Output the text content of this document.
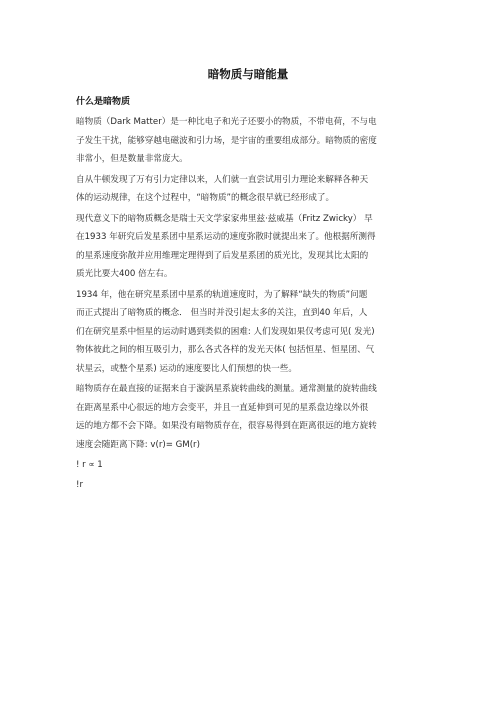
暗物质与暗能量
什么是暗物质
暗物质（Dark Matter）是一种比电子和光子还要小的物质，不带电荷，不与电
子发生干扰，能够穿越电磁波和引力场，是宇宙的重要组成部分。暗物质的密度
非常小，但是数量非常庞大。
自从牛顿发现了万有引力定律以来，人们就一直尝试用引力理论来解释各种天
体的运动规律，在这个过程中，“暗物质”的概念很早就已经形成了。
现代意义下的暗物质概念是瑞士天文学家家弗里兹·兹威基（Fritz Zwicky） 早
在1933 年研究后发星系团中星系运动的速度弥散时就提出来了。他根据所测得
的星系速度弥散并应用维理定理得到了后发星系团的质光比，发现其比太阳的
质光比要大400 倍左右。
1934 年，他在研究星系团中星系的轨道速度时，为了解释“缺失的物质”问题
而正式提出了暗物质的概念． 但当时并没引起太多的关注，直到40 年后，人
们在研究星系中恒星的运动时遇到类似的困难: 人们发现如果仅考虑可见( 发光)
物体彼此之间的相互吸引力，那么各式各样的发光天体( 包括恒星、恒星团、气
状星云，或整个星系) 运动的速度要比人们预想的快一些。
暗物质存在最直接的证据来自于漩涡星系旋转曲线的测量。通常测量的旋转曲线
在距离星系中心很远的地方会变平，并且一直延伸到可见的星系盘边缘以外很
远的地方都不会下降。如果没有暗物质存在，很容易得到在距离很远的地方旋转
速度会随距离下降: v(r)= GM(r)
! r ∝ 1
!r
